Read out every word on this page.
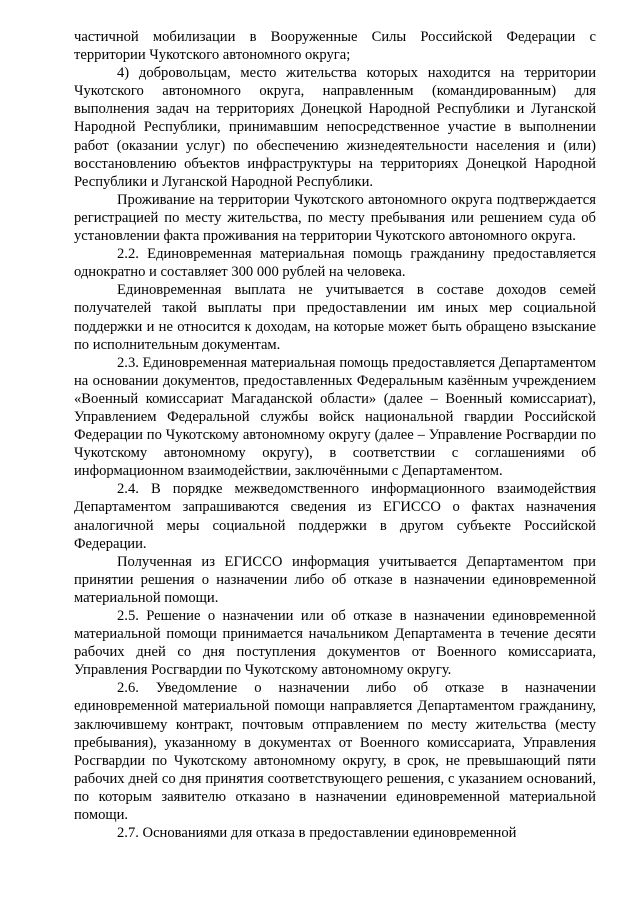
частичной мобилизации в Вооруженные Силы Российской Федерации с территории Чукотского автономного округа;

4) добровольцам, место жительства которых находится на территории Чукотского автономного округа, направленным (командированным) для выполнения задач на территориях Донецкой Народной Республики и Луганской Народной Республики, принимавшим непосредственное участие в выполнении работ (оказании услуг) по обеспечению жизнедеятельности населения и (или) восстановлению объектов инфраструктуры на территориях Донецкой Народной Республики и Луганской Народной Республики.

Проживание на территории Чукотского автономного округа подтверждается регистрацией по месту жительства, по месту пребывания или решением суда об установлении факта проживания на территории Чукотского автономного округа.

2.2. Единовременная материальная помощь гражданину предоставляется однократно и составляет 300 000 рублей на человека.

Единовременная выплата не учитывается в составе доходов семей получателей такой выплаты при предоставлении им иных мер социальной поддержки и не относится к доходам, на которые может быть обращено взыскание по исполнительным документам.

2.3. Единовременная материальная помощь предоставляется Департаментом на основании документов, предоставленных Федеральным казённым учреждением «Военный комиссариат Магаданской области» (далее – Военный комиссариат), Управлением Федеральной службы войск национальной гвардии Российской Федерации по Чукотскому автономному округу (далее – Управление Росгвардии по Чукотскому автономному округу), в соответствии с соглашениями об информационном взаимодействии, заключёнными с Департаментом.

2.4. В порядке межведомственного информационного взаимодействия Департаментом запрашиваются сведения из ЕГИССО о фактах назначения аналогичной меры социальной поддержки в другом субъекте Российской Федерации.

Полученная из ЕГИССО информация учитывается Департаментом при принятии решения о назначении либо об отказе в назначении единовременной материальной помощи.

2.5. Решение о назначении или об отказе в назначении единовременной материальной помощи принимается начальником Департамента в течение десяти рабочих дней со дня поступления документов от Военного комиссариата, Управления Росгвардии по Чукотскому автономному округу.

2.6. Уведомление о назначении либо об отказе в назначении единовременной материальной помощи направляется Департаментом гражданину, заключившему контракт, почтовым отправлением по месту жительства (месту пребывания), указанному в документах от Военного комиссариата, Управления Росгвардии по Чукотскому автономному округу, в срок, не превышающий пяти рабочих дней со дня принятия соответствующего решения, с указанием оснований, по которым заявителю отказано в назначении единовременной материальной помощи.

2.7. Основаниями для отказа в предоставлении единовременной
